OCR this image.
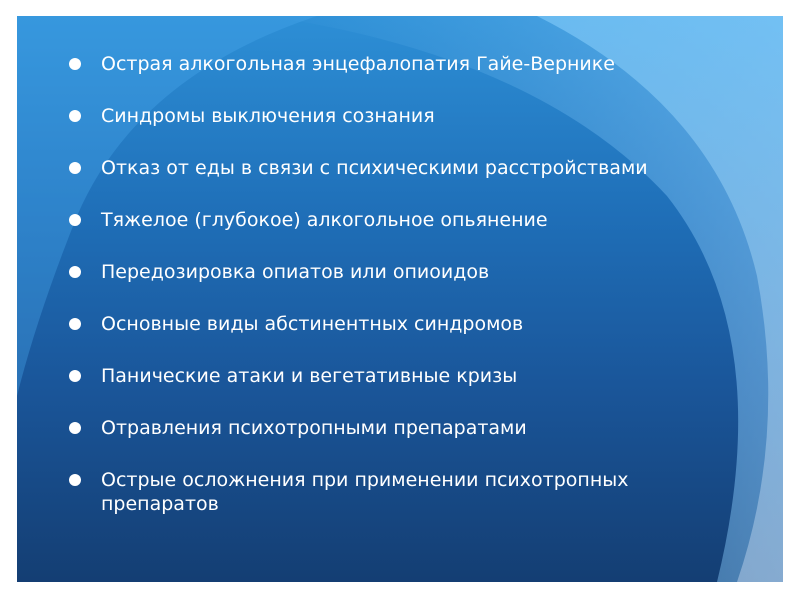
Острая алкогольная энцефалопатия Гайе-Вернике
Синдромы выключения сознания
Отказ от еды в связи с психическими расстройствами
Тяжелое (глубокое) алкогольное опьянение
Передозировка опиатов или опиоидов
Основные виды абстинентных синдромов
Панические атаки и вегетативные кризы
Отравления психотропными препаратами
Острые осложнения при применении психотропных препаратов
